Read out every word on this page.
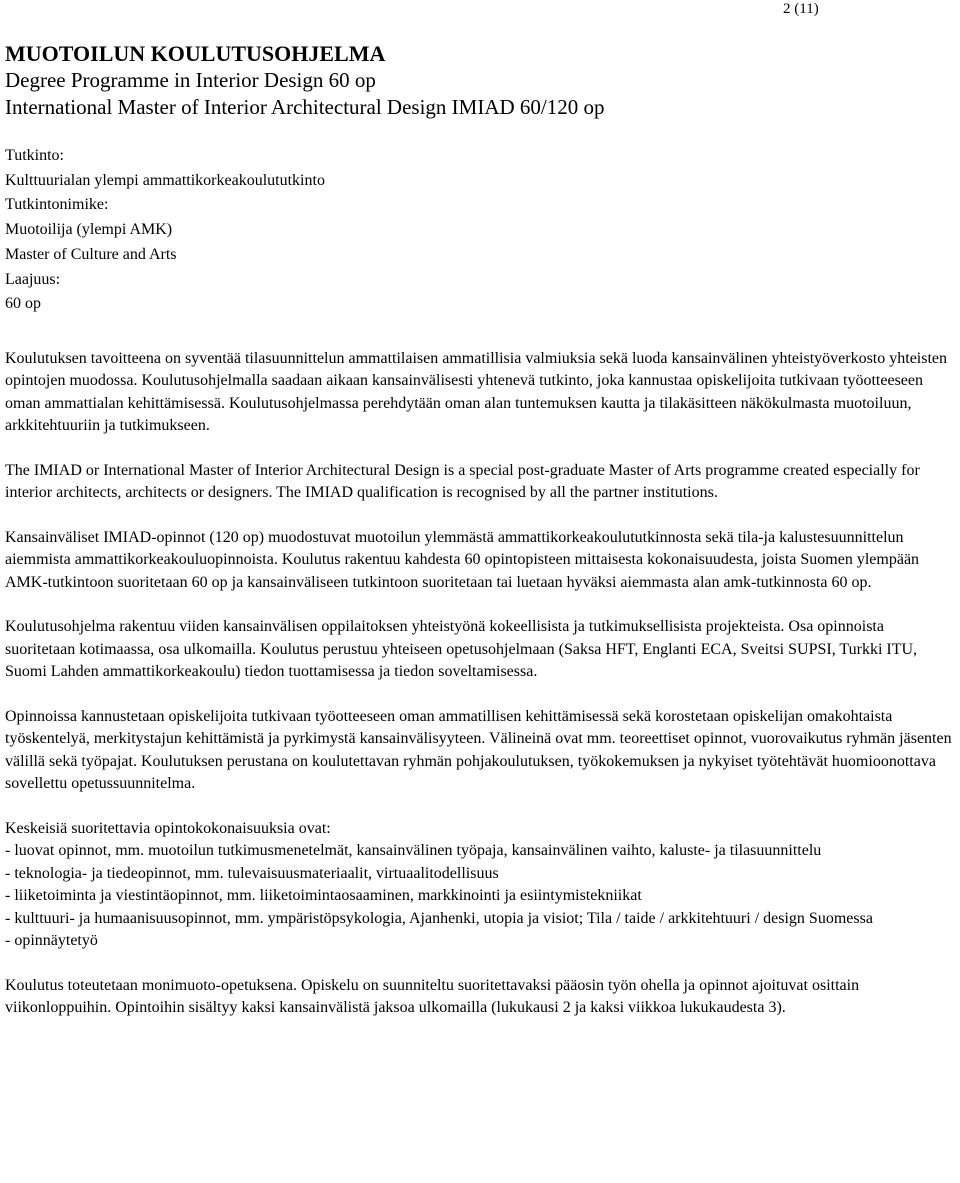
2 (11)
MUOTOILUN KOULUTUSOHJELMA
Degree Programme in Interior Design 60 op
International Master of Interior Architectural Design IMIAD 60/120 op
Tutkinto:
Kulttuurialan ylempi ammattikorkeakoulututkinto
Tutkintonimike:
Muotoilija (ylempi AMK)
Master of Culture and Arts
Laajuus:
60 op

Koulutuksen tavoitteena on syventää tilasuunnittelun ammattilaisen ammatillisia valmiuksia sekä luoda kansainvälinen yhteistyöverkosto yhteisten opintojen muodossa. Koulutusohjelmalla saadaan aikaan kansainvälisesti yhtenevä tutkinto, joka kannustaa opiskelijoita tutkivaan työotteeseen oman ammattialan kehittämisessä. Koulutusohjelmassa perehdytään oman alan tuntemuksen kautta ja tilakäsitteen näkökulmasta muotoiluun, arkkitehtuuriin ja tutkimukseen.

The IMIAD or International Master of Interior Architectural Design is a special post-graduate Master of Arts programme created especially for interior architects, architects or designers. The IMIAD qualification is recognised by all the partner institutions.

Kansainväliset IMIAD-opinnot (120 op) muodostuvat muotoilun ylemmästä ammattikorkeakoulututkinnosta sekä tila-ja kalustesuunnittelun aiemmista ammattikorkeakouluopinnoista. Koulutus rakentuu kahdesta 60 opintopisteen mittaisesta kokonaisuudesta, joista Suomen ylempään AMK-tutkintoon suoritetaan 60 op ja kansainväliseen tutkintoon suoritetaan tai luetaan hyväksi aiemmasta alan amk-tutkinnosta 60 op.

Koulutusohjelma rakentuu viiden kansainvälisen oppilaitoksen yhteistyönä kokeellisista ja tutkimuksellisista projekteista. Osa opinnoista suoritetaan kotimaassa, osa ulkomailla. Koulutus perustuu yhteiseen opetusohjelmaan (Saksa HFT, Englanti ECA, Sveitsi SUPSI, Turkki ITU, Suomi Lahden ammattikorkeakoulu) tiedon tuottamisessa ja tiedon soveltamisessa.

Opinnoissa kannustetaan opiskelijoita tutkivaan työotteeseen oman ammatillisen kehittämisessä sekä korostetaan opiskelijan omakohtaista työskentelyä, merkitystajun kehittämistä ja pyrkimystä kansainvälisyyteen. Välineinä ovat mm. teoreettiset opinnot, vuorovaikutus ryhmän jäsenten välillä sekä työpajat. Koulutuksen perustana on koulutettavan ryhmän pohjakoulutuksen, työkokemuksen ja nykyiset työtehtävät huomioonottava sovellettu opetussuunnitelma.

Keskeisiä suoritettavia opintokokonaisuuksia ovat:
- luovat opinnot, mm. muotoilun tutkimusmenetelmät, kansainvälinen työpaja, kansainvälinen vaihto, kaluste- ja tilasuunnittelu
- teknologia- ja tiedeopinnot, mm. tulevaisuusmateriaalit, virtuaalitodellisuus
- liiketoiminta ja viestintäopinnot, mm. liiketoimintaosaaminen, markkinointi ja esiintymistekniikat
- kulttuuri- ja humaanisuusopinnot, mm. ympäristöpsykologia, Ajanhenki, utopia ja visiot; Tila / taide / arkkitehtuuri / design Suomessa
- opinnäytetyö

Koulutus toteutetaan monimuoto-opetuksena. Opiskelu on suunniteltu suoritettavaksi pääosin työn ohella ja opinnot ajoituvat osittain viikonloppuihin. Opintoihin sisältyy kaksi kansainvälistä jaksoa ulkomailla (lukukausi 2 ja kaksi viikkoa lukukaudesta 3).
